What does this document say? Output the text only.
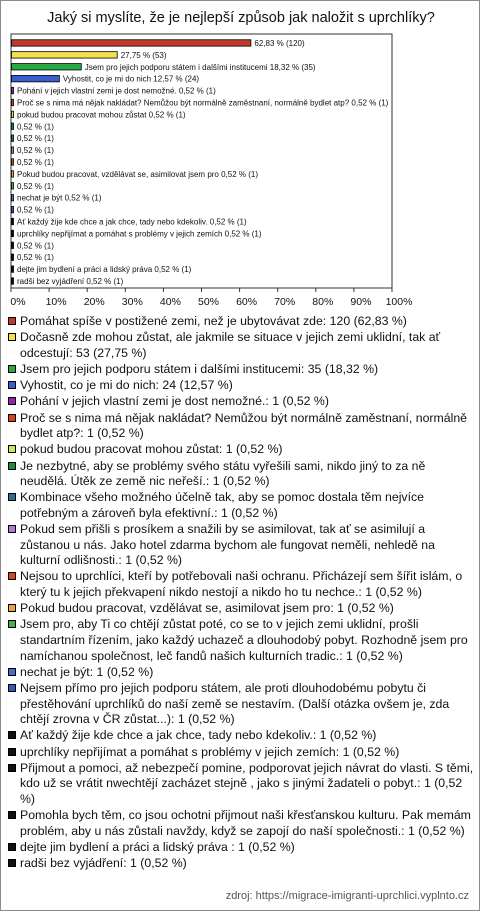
Jaký si myslíte, že je nejlepší způsob jak naložit s uprchlíky?
0% 10% 20% 30% 40% 50% 60% 70% 80% 90% 100%
62,83 % (120)
27,75 % (53)
Jsem pro jejich podporu státem i dalšími institucemi 18,32 % (35)
Vyhostit, co je mi do nich 12,57 % (24)
Pohání v jejich vlastní zemi je dost nemožné. 0,52 % (1)
Proč se s nima má nějak nakládat? Nemůžou být normálně zaměstnaní, normálně bydlet atp? 0,52 % (1)
pokud budou pracovat mohou zůstat 0,52 % (1)
0,52 % (1)
0,52 % (1)
0,52 % (1)
0,52 % (1)
Pokud budou pracovat, vzdělávat se, asimilovat jsem pro 0,52 % (1)
0,52 % (1)
nechat je být 0,52 % (1)
0,52 % (1)
Ať každý žije kde chce a jak chce, tady nebo kdekoliv. 0,52 % (1)
uprchlíky nepřijímat a pomáhat s problémy v jejich zemích 0,52 % (1)
0,52 % (1)
0,52 % (1)
dejte jim bydlení a práci a lidský práva 0,52 % (1)
radši bez vyjádření 0,52 % (1)
Pomáhat spíše v postižené zemi, než je ubytovávat zde: 120 (62,83 %)
Dočasně zde mohou zůstat, ale jakmile se situace v jejich zemi uklidní, tak ať odcestují: 53 (27,75 %)
Jsem pro jejich podporu státem i dalšími institucemi: 35 (18,32 %)
Vyhostit, co je mi do nich: 24 (12,57 %)
Pohání v jejich vlastní zemi je dost nemožné.: 1 (0,52 %)
Proč se s nima má nějak nakládat? Nemůžou být normálně zaměstnaní, normálně bydlet atp?: 1 (0,52 %)
pokud budou pracovat mohou zůstat: 1 (0,52 %)
Je nezbytné, aby se problémy svého státu vyřešili sami, nikdo jiný to za ně neudělá. Útěk ze země nic neřeší.: 1 (0,52 %)
Kombinace všeho možného účelně tak, aby se pomoc dostala těm nejvíce potřebným a zároveň byla efektivní.: 1 (0,52 %)
Pokud sem přišli s prosíkem a snažili by se asimilovat, tak ať se asimilují a zůstanou u nás. Jako hotel zdarma bychom ale fungovat neměli, nehledě na kulturní odlišnosti.: 1 (0,52 %)
Nejsou to uprchlíci, kteří by potřebovali naši ochranu. Přicházejí sem šířit islám, o který tu k jejich překvapení nikdo nestojí a nikdo ho tu nechce.: 1 (0,52 %)
Pokud budou pracovat, vzdělávat se, asimilovat jsem pro: 1 (0,52 %)
Jsem pro, aby Ti co chtějí zůstat poté, co se to v jejich zemi uklidní, prošli standartním řízením, jako každý uchazeč a dlouhodobý pobyt. Rozhodně jsem pro namíchanou společnost, leč fandů našich kulturních tradic.: 1 (0,52 %)
nechat je být: 1 (0,52 %)
Nejsem přímo pro jejich podporu státem, ale proti dlouhodobému pobytu či přestěhování uprchlíků do naší země se nestavím. (Další otázka ovšem je, zda chtějí zrovna v ČR zůstat...): 1 (0,52 %)
Ať každý žije kde chce a jak chce, tady nebo kdekoliv.: 1 (0,52 %)
uprchlíky nepřijímat a pomáhat s problémy v jejich zemích: 1 (0,52 %)
Přijmout a pomoci, až nebezpečí pomine, podporovat jejich návrat do vlasti. S těmi, kdo už se vrátit nwechtějí zacházet stejně , jako s jinými žadateli o pobyt.: 1 (0,52 %)
Pomohla bych těm, co jsou ochotni přijmout naši křesťanskou kulturu. Pak memám problém, aby u nás zůstali navždy, když se zapojí do naší společnosti.: 1 (0,52 %)
dejte jim bydlení a práci a lidský práva : 1 (0,52 %)
radši bez vyjádření: 1 (0,52 %)
zdroj: https://migrace-imigranti-uprchlici.vyplnto.cz
